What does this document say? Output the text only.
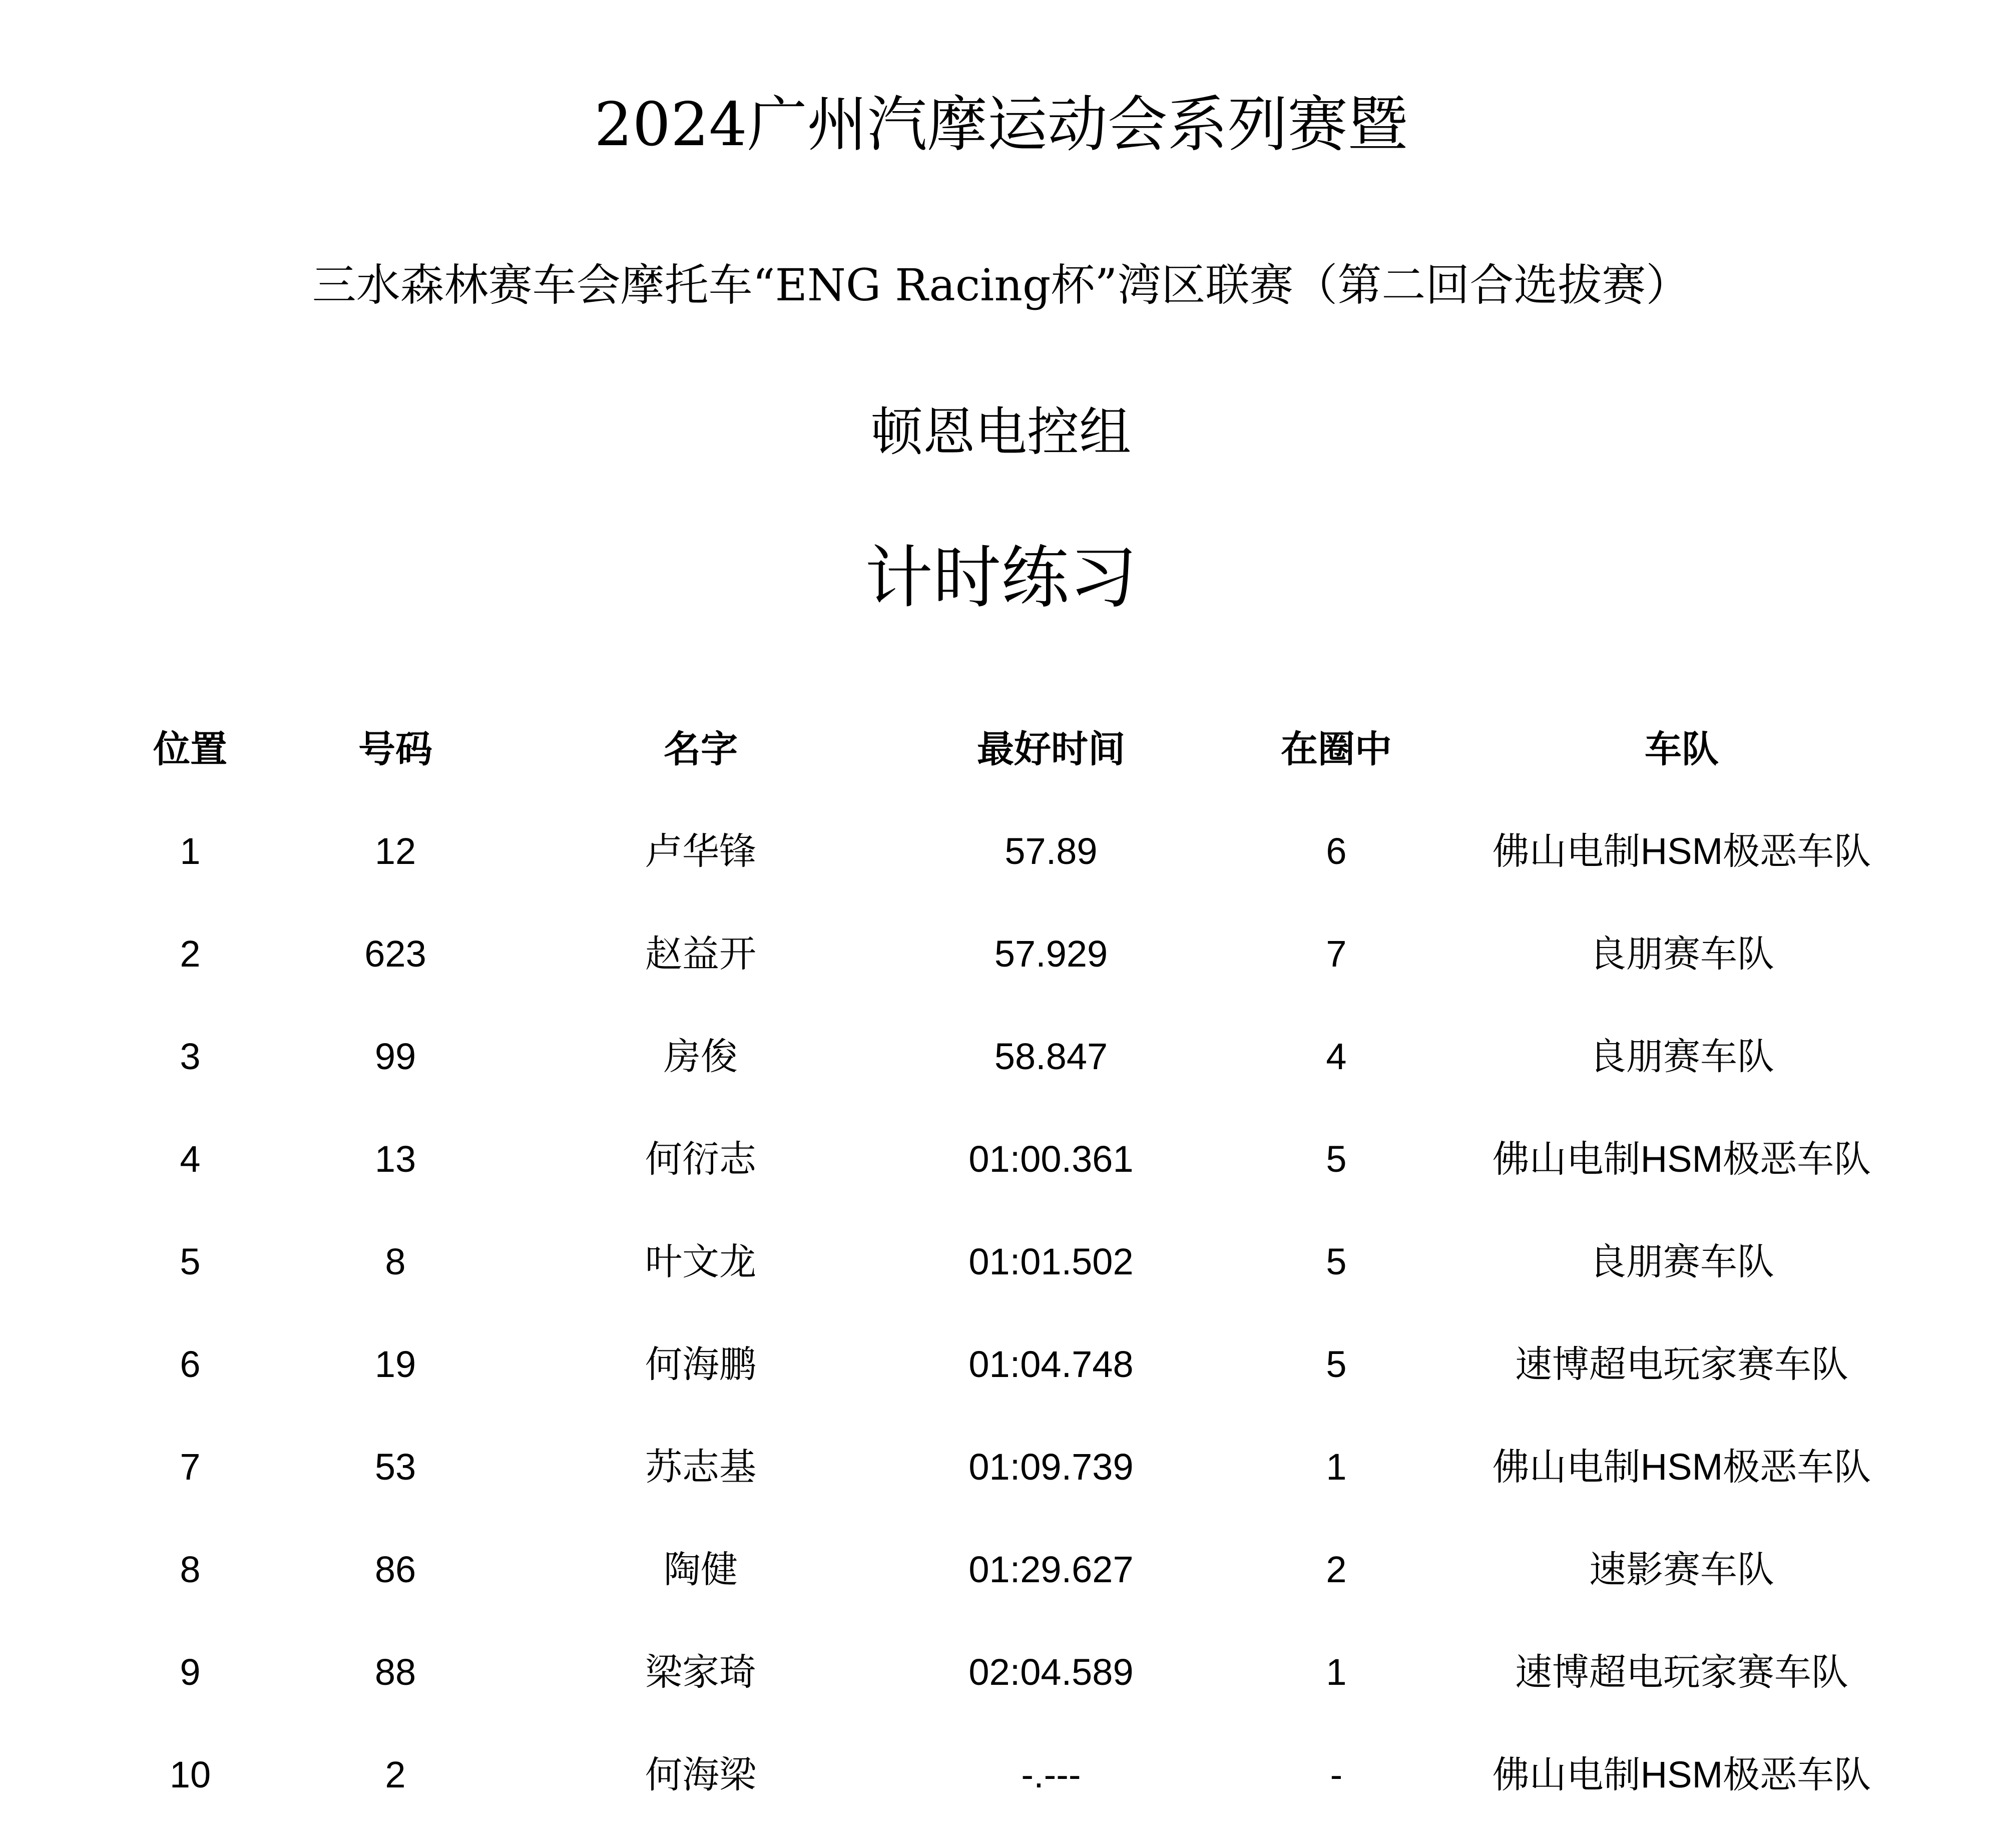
2024广州汽摩运动会系列赛暨
三水森林赛车会摩托车“ENG Racing杯”湾区联赛（第二回合选拔赛）
顿恩电控组
计时练习
位置	号码	名字	最好时间	在圈中	车队
1	12	卢华锋	57.89	6	佛山电制HSM极恶车队
2	623	赵益开	57.929	7	良朋赛车队
3	99	房俊	58.847	4	良朋赛车队
4	13	何衍志	01:00.361	5	佛山电制HSM极恶车队
5	8	叶文龙	01:01.502	5	良朋赛车队
6	19	何海鹏	01:04.748	5	速博超电玩家赛车队
7	53	苏志基	01:09.739	1	佛山电制HSM极恶车队
8	86	陶健	01:29.627	2	速影赛车队
9	88	梁家琦	02:04.589	1	速博超电玩家赛车队
10	2	何海梁	-.---	-	佛山电制HSM极恶车队
